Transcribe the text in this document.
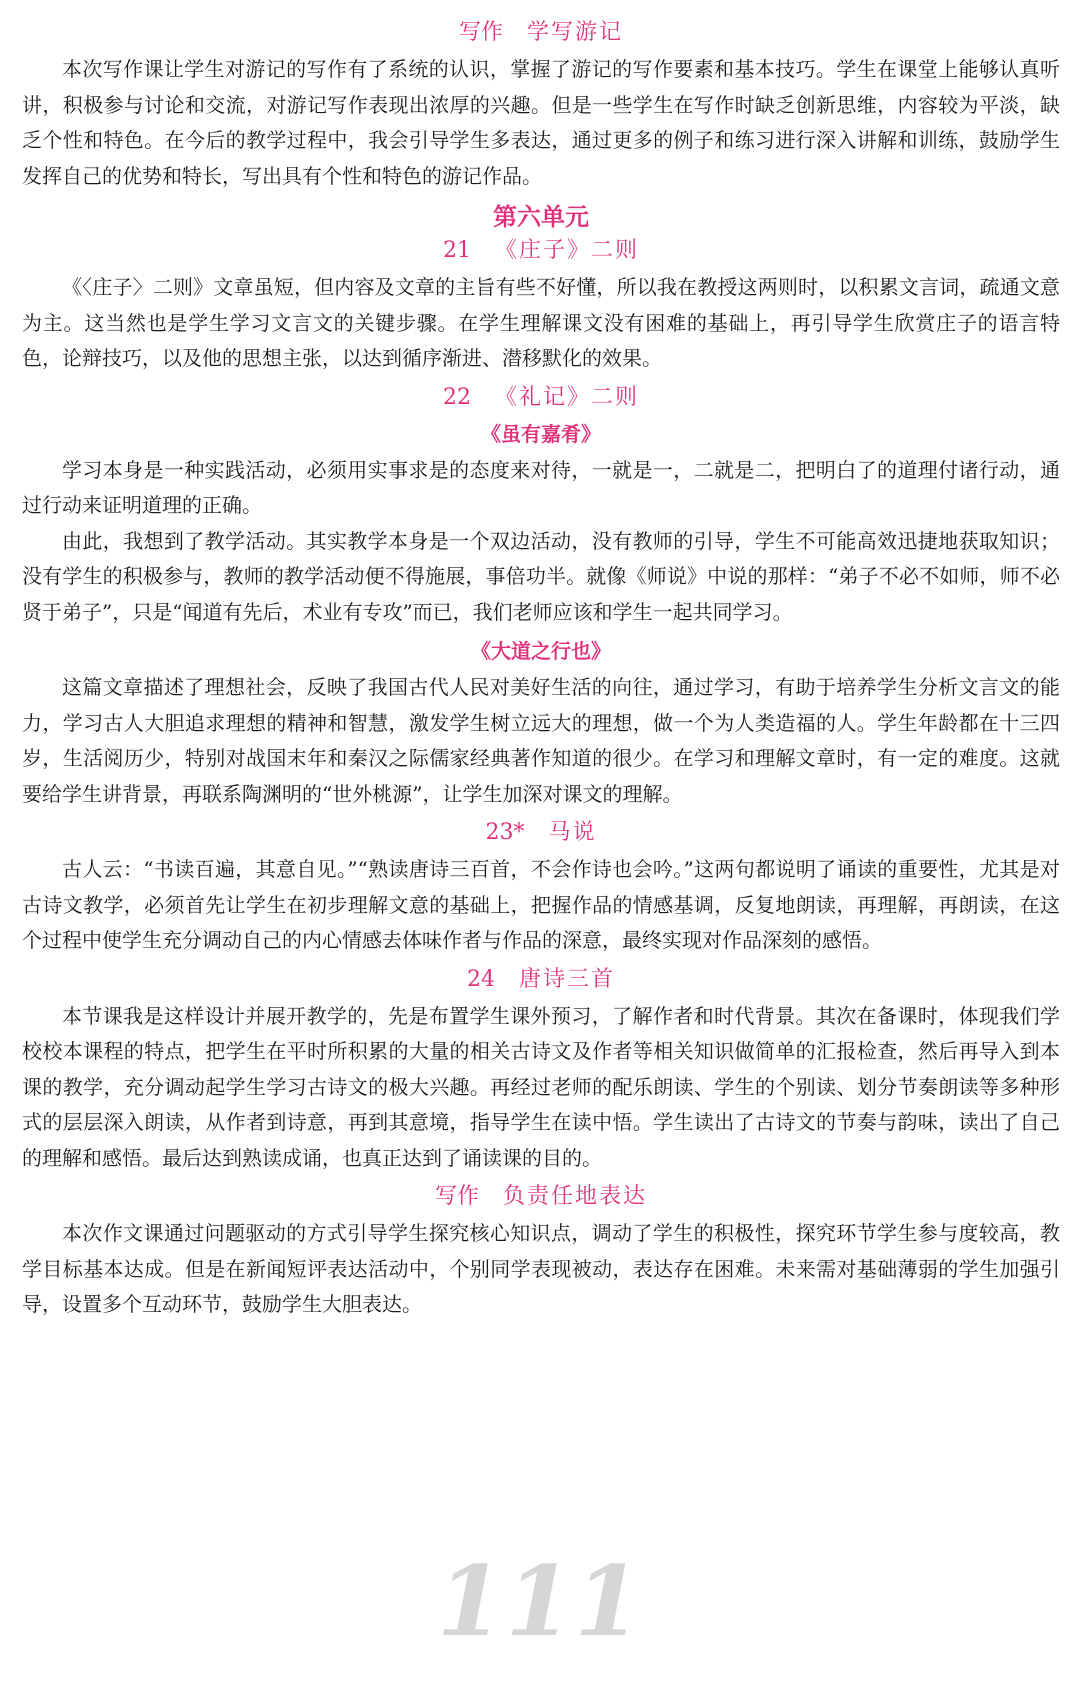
写作 学写游记

本次写作课让学生对游记的写作有了系统的认识，掌握了游记的写作要素和基本技巧。学生在课堂上能够认真听讲，积极参与讨论和交流，对游记写作表现出浓厚的兴趣。但是一些学生在写作时缺乏创新思维，内容较为平淡，缺乏个性和特色。在今后的教学过程中，我会引导学生多表达，通过更多的例子和练习进行深入讲解和训练，鼓励学生发挥自己的优势和特长，写出具有个性和特色的游记作品。

第六单元
21 《庄子》二则

《〈庄子〉二则》文章虽短，但内容及文章的主旨有些不好懂，所以我在教授这两则时，以积累文言词，疏通文意为主。这当然也是学生学习文言文的关键步骤。在学生理解课文没有困难的基础上，再引导学生欣赏庄子的语言特色，论辩技巧，以及他的思想主张，以达到循序渐进、潜移默化的效果。

22 《礼记》二则
《虽有嘉肴》

学习本身是一种实践活动，必须用实事求是的态度来对待，一就是一，二就是二，把明白了的道理付诸行动，通过行动来证明道理的正确。

由此，我想到了教学活动。其实教学本身是一个双边活动，没有教师的引导，学生不可能高效迅捷地获取知识；没有学生的积极参与，教师的教学活动便不得施展，事倍功半。就像《师说》中说的那样：“弟子不必不如师，师不必贤于弟子”，只是“闻道有先后，术业有专攻”而已，我们老师应该和学生一起共同学习。

《大道之行也》

这篇文章描述了理想社会，反映了我国古代人民对美好生活的向往，通过学习，有助于培养学生分析文言文的能力，学习古人大胆追求理想的精神和智慧，激发学生树立远大的理想，做一个为人类造福的人。学生年龄都在十三四岁，生活阅历少，特别对战国末年和秦汉之际儒家经典著作知道的很少。在学习和理解文章时，有一定的难度。这就要给学生讲背景，再联系陶渊明的“世外桃源”，让学生加深对课文的理解。

23* 马说

古人云：“书读百遍，其意自见。”“熟读唐诗三百首，不会作诗也会吟。”这两句都说明了诵读的重要性，尤其是对古诗文教学，必须首先让学生在初步理解文意的基础上，把握作品的情感基调，反复地朗读，再理解，再朗读，在这个过程中使学生充分调动自己的内心情感去体味作者与作品的深意，最终实现对作品深刻的感悟。

24 唐诗三首

本节课我是这样设计并展开教学的，先是布置学生课外预习，了解作者和时代背景。其次在备课时，体现我们学校校本课程的特点，把学生在平时所积累的大量的相关古诗文及作者等相关知识做简单的汇报检查，然后再导入到本课的教学，充分调动起学生学习古诗文的极大兴趣。再经过老师的配乐朗读、学生的个别读、划分节奏朗读等多种形式的层层深入朗读，从作者到诗意，再到其意境，指导学生在读中悟。学生读出了古诗文的节奏与韵味，读出了自己的理解和感悟。最后达到熟读成诵，也真正达到了诵读课的目的。

写作 负责任地表达

本次作文课通过问题驱动的方式引导学生探究核心知识点，调动了学生的积极性，探究环节学生参与度较高，教学目标基本达成。但是在新闻短评表达活动中，个别同学表现被动，表达存在困难。未来需对基础薄弱的学生加强引导，设置多个互动环节，鼓励学生大胆表达。

111
